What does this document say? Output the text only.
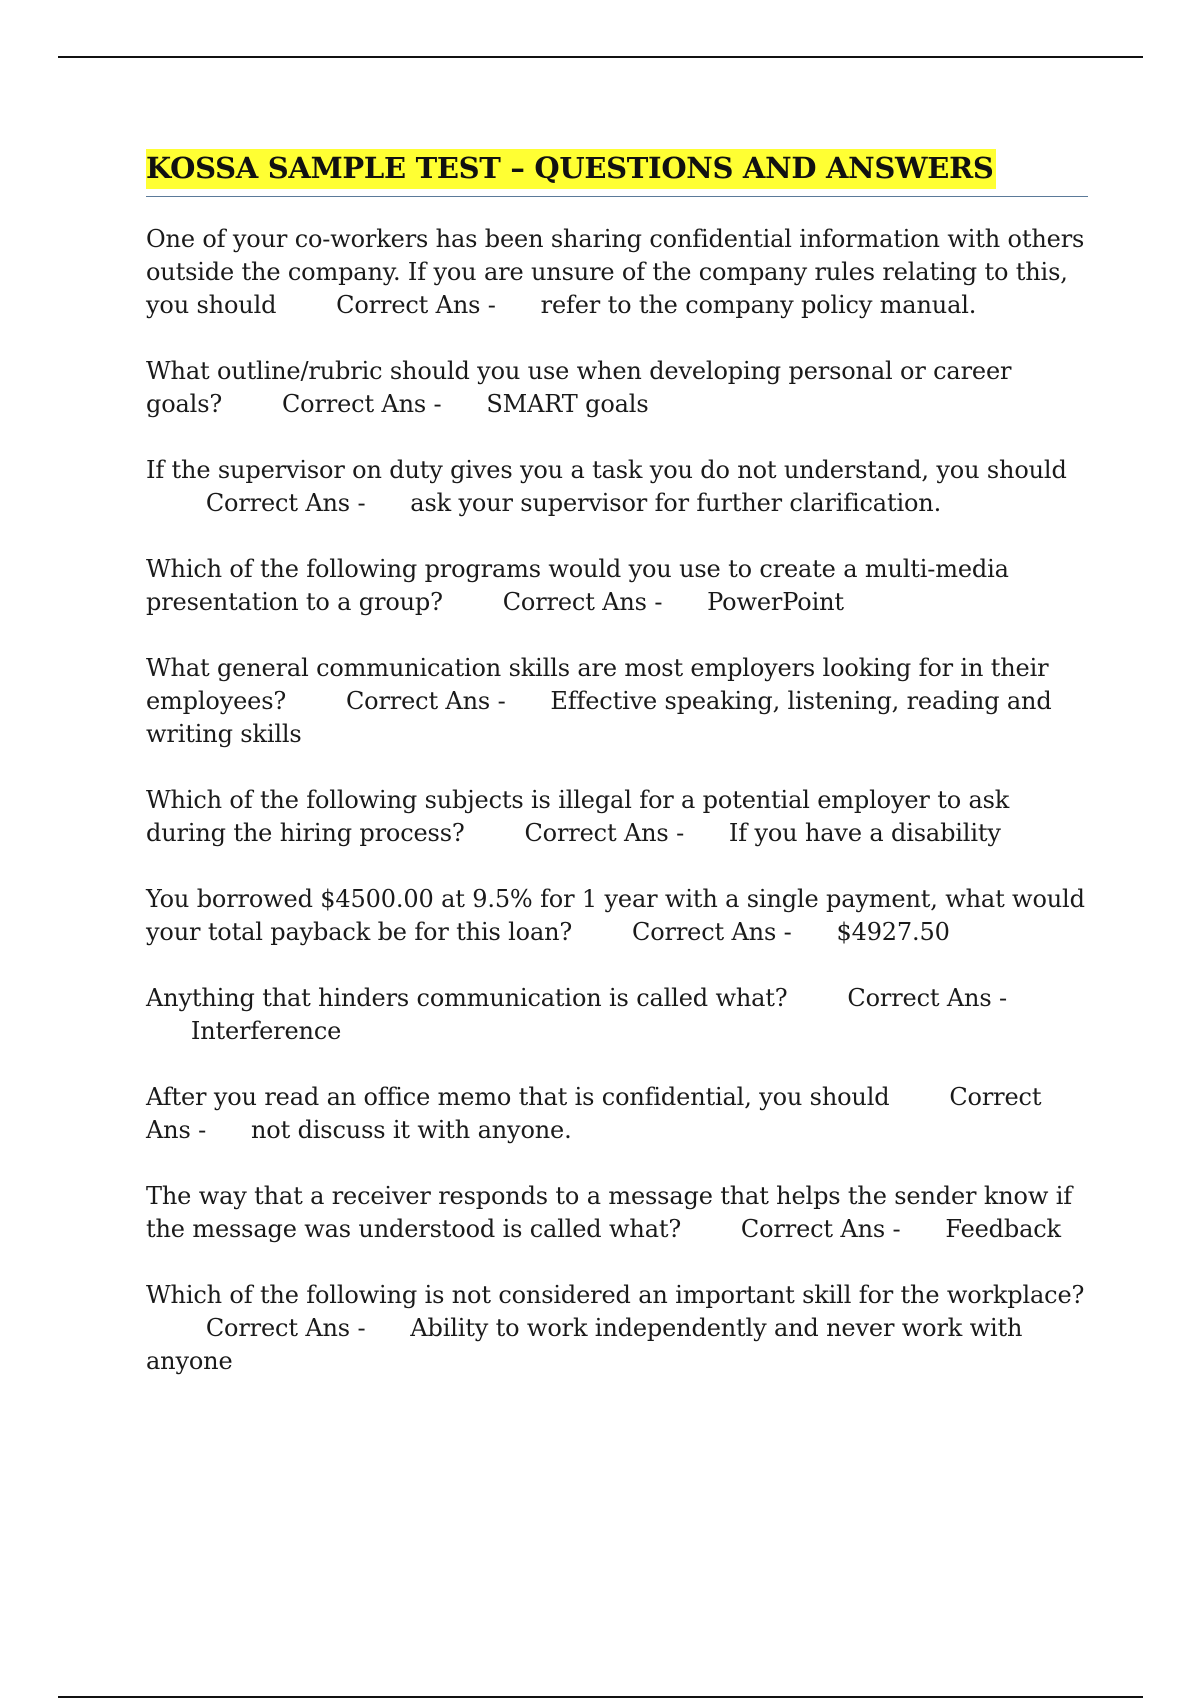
KOSSA SAMPLE TEST – QUESTIONS AND ANSWERS
One of your co-workers has been sharing confidential information with others outside the company. If you are unsure of the company rules relating to this, you should Correct Ans - refer to the company policy manual.
What outline/rubric should you use when developing personal or career goals? Correct Ans - SMART goals
If the supervisor on duty gives you a task you do not understand, you should        Correct Ans - ask your supervisor for further clarification.
Which of the following programs would you use to create a multi-media presentation to a group? Correct Ans - PowerPoint
What general communication skills are most employers looking for in their employees? Correct Ans - Effective speaking, listening, reading and writing skills
Which of the following subjects is illegal for a potential employer to ask during the hiring process? Correct Ans - If you have a disability
You borrowed $4500.00 at 9.5% for 1 year with a single payment, what would your total payback be for this loan? Correct Ans - $4927.50
Anything that hinders communication is called what? Correct Ans -      Interference
After you read an office memo that is confidential, you should Correct Ans - not discuss it with anyone.
The way that a receiver responds to a message that helps the sender know if the message was understood is called what? Correct Ans - Feedback
Which of the following is not considered an important skill for the workplace?        Correct Ans - Ability to work independently and never work with anyone
